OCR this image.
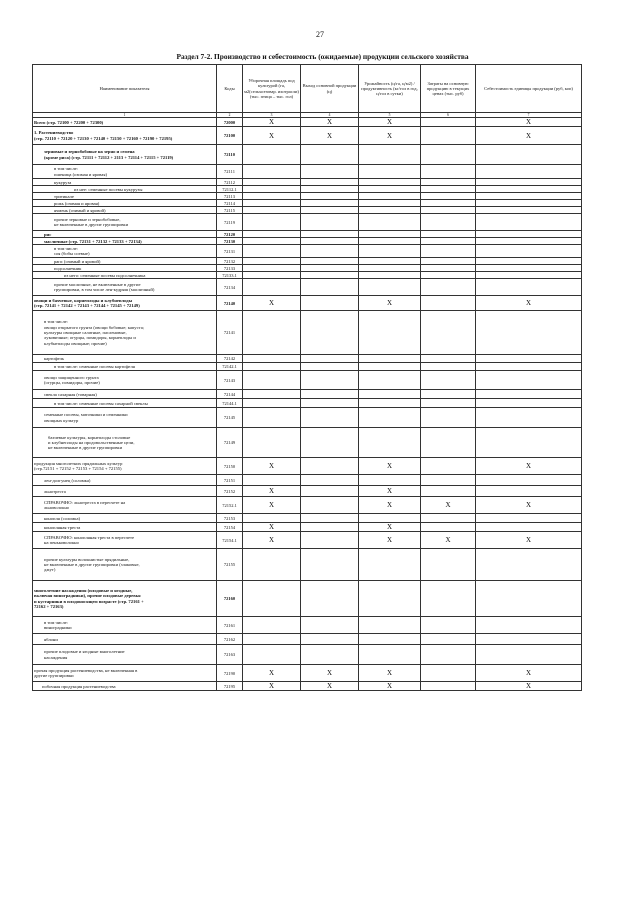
27
Раздел 7-2. Производство и себестоимость (ожидаемые) продукции сельского хозяйства
Наименование показателя	Коды	Уборочная площадь под культурой (га, м2(сельхозтовар. ихотрасли) (тыс. птица – тыс. гол)	Выход основной продукции (ц)	Урожайность (ц/га, ц/м2) / продуктивность (кг/гол в год, ц/гол в сутки)	Затраты на основную продукцию в текущих ценах (тыс. руб)	Себестоимость единицы продукции (руб, коп)
1	2	3	4	5	6	7
Всего (стр. 72100 + 72200 + 72300)	72000	X	X	X		X
1. Растениеводство
(стр. 72110 + 72120 + 72130 + 72140 + 72150 + 72160 + 72190 + 72195)	72100	X	X	X		X
зерновые и зернобобовые на зерно и семена
(кроме риса) (стр. 72111 + 72112 + 2113 + 72114 + 72115 + 72119)	72110					
в том числе:
пшеница (озимая и яровая)	72111					
кукуруза	72112					
из нее: семенные посевы кукурузы	72112.1					
тритикале	72113					
рожь (озимая и яровая)	72114					
ячмень (озимый и яровой)	72115					
прочие зерновые и зернобобовые,
не включенные в другие группировки	72119					
рис	72120					
масличные (стр. 72131 + 72132 + 72133 + 72134)	72130					
в том числе:
соя (бобы соевые)	72131					
рапс (озимый и яровой)	72132					
подсолнечник	72133					
из него: семенные посевы подсолнечника	72133.1					
прочие масличные, не включенные в другие
группировки, в том числе лен-кудряш (масличный)	72134					
овощи и бахчевые, корнеплоды и клубнеплоды
(стр. 72141 + 72142 + 72143 + 72144 + 72145 + 72149)	72140	X		X		X
в том числе:
овощи открытого грунта (овощи бобовые; капуста;
культуры овощные салатные, пасленовые,
луковичные; огурцы, помидоры, корнеплоды и
клубнеплоды овощные; прочие)	72141					
картофель	72142					
в том числе: семенные посевы картофеля	72142.1					
овощи защищенного грунта
(огурцы, помидоры, прочие)	72143					
свекла сахарная (товарная)	72144					
в том числе: семенные посевы сахарной свеклы	72144.1					
семенные посевы, маточники и семенники
овощных культур	72145					
бахчевые культуры, корнеплоды столовые
и клубнеплоды на продовольственные цели,
не включенные в другие группировки	72149					
продукция многолетних прядильных культур
(стр.72151 + 72152 + 72153 + 72154 + 72155)	72150	X		X		X
лен-долгунец (соломка)	72151					
льнотреста	72152	X		X		
СПРАВОЧНО: льнотреста в пересчете на
льноволокно	72152.1	X		X	X	X
конопля (соломка)	72153					
конопляная треста	72154	X		X		
СПРАВОЧНО: конопляная треста в пересчете
на пеньковолокно	72154.1	X		X	X	X
прочие культуры волокнистые прядильные,
не включенные в другие группировки (злаковые,
джут)	72155					
многолетние насаждения (плодовые и ягодные,
включая виноградники), прочие плодовые деревья
и кустарники в плодоносящем возрасте (стр. 72161 +
72162 + 72163)	72160					
в том числе:
виноградники	72161					
яблони	72162					
прочие плодовые и ягодные многолетние
насаждения	72163					
прочая продукция растениеводства, не включенная в
другие группировки	72190	X	X	X		X
побочная продукция растениеводства	72195	X	X	X		X
